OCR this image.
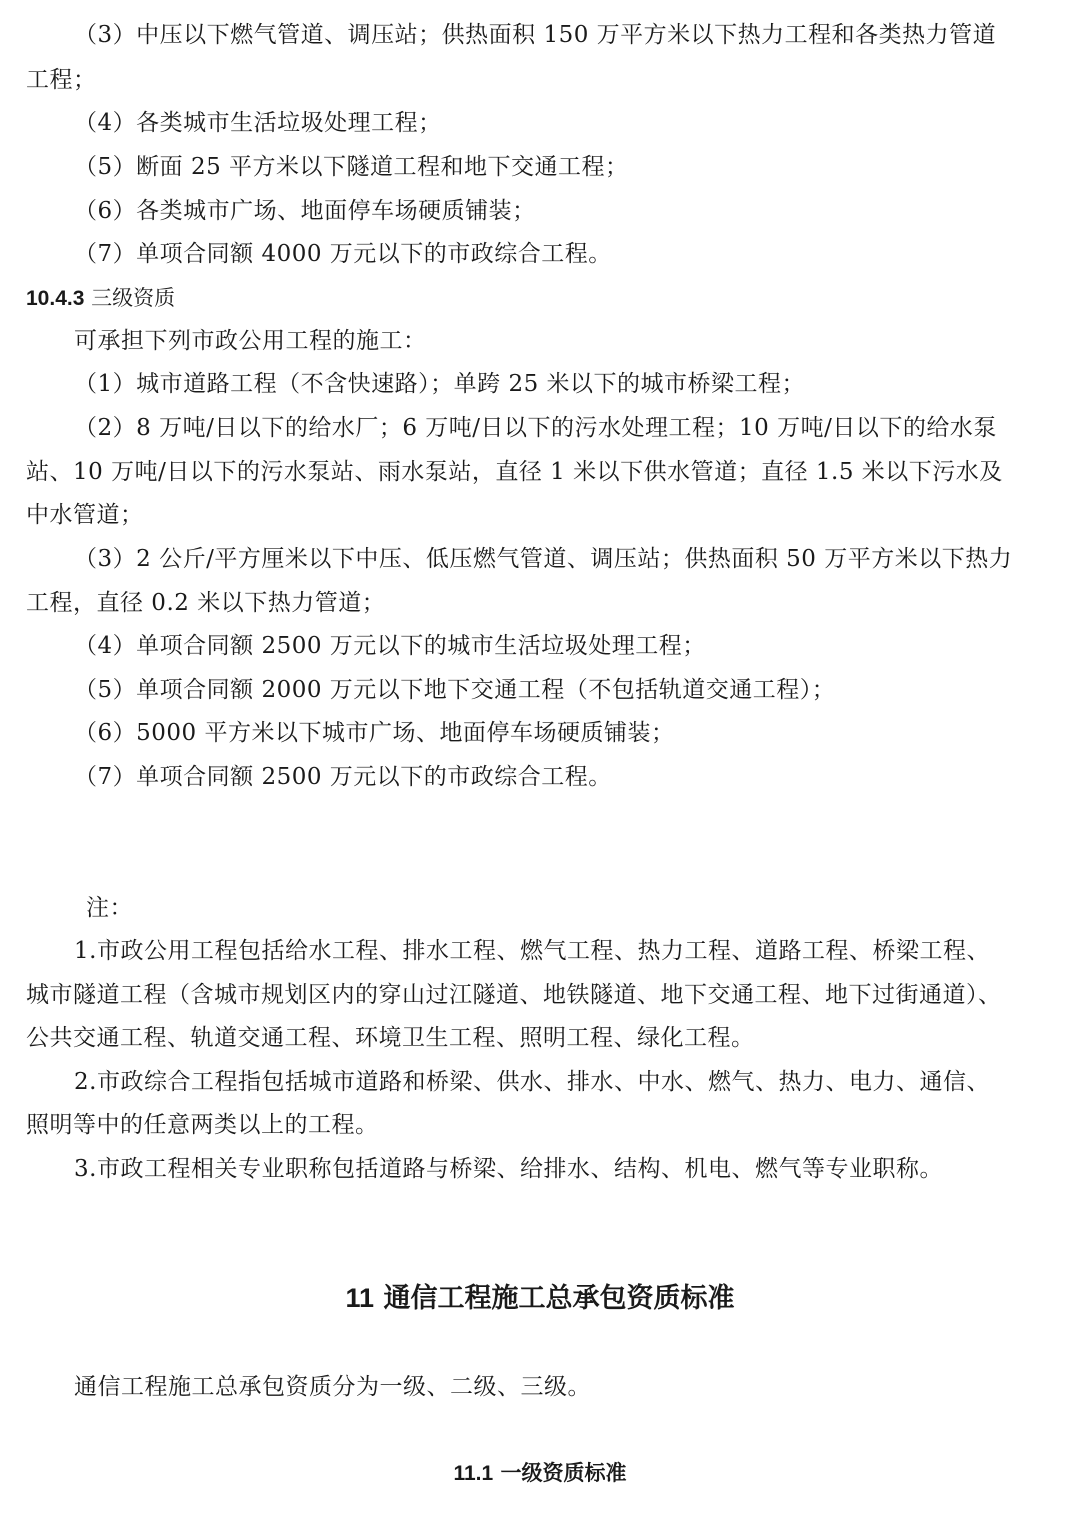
（3）中压以下燃气管道、调压站；供热面积 150 万平方米以下热力工程和各类热力管道
工程；
（4）各类城市生活垃圾处理工程；
（5）断面 25 平方米以下隧道工程和地下交通工程；
（6）各类城市广场、地面停车场硬质铺装；
（7）单项合同额 4000 万元以下的市政综合工程。
10.4.3 三级资质
可承担下列市政公用工程的施工：
（1）城市道路工程（不含快速路）；单跨 25 米以下的城市桥梁工程；
（2）8 万吨/日以下的给水厂；6 万吨/日以下的污水处理工程；10 万吨/日以下的给水泵
站、10 万吨/日以下的污水泵站、雨水泵站，直径 1 米以下供水管道；直径 1.5 米以下污水及
中水管道；
（3）2 公斤/平方厘米以下中压、低压燃气管道、调压站；供热面积 50 万平方米以下热力
工程，直径 0.2 米以下热力管道；
（4）单项合同额 2500 万元以下的城市生活垃圾处理工程；
（5）单项合同额 2000 万元以下地下交通工程（不包括轨道交通工程）；
（6）5000 平方米以下城市广场、地面停车场硬质铺装；
（7）单项合同额 2500 万元以下的市政综合工程。
注：
1.市政公用工程包括给水工程、排水工程、燃气工程、热力工程、道路工程、桥梁工程、
城市隧道工程（含城市规划区内的穿山过江隧道、地铁隧道、地下交通工程、地下过街通道）、
公共交通工程、轨道交通工程、环境卫生工程、照明工程、绿化工程。
2.市政综合工程指包括城市道路和桥梁、供水、排水、中水、燃气、热力、电力、通信、
照明等中的任意两类以上的工程。
3.市政工程相关专业职称包括道路与桥梁、给排水、结构、机电、燃气等专业职称。
11 通信工程施工总承包资质标准
通信工程施工总承包资质分为一级、二级、三级。
11.1 一级资质标准
